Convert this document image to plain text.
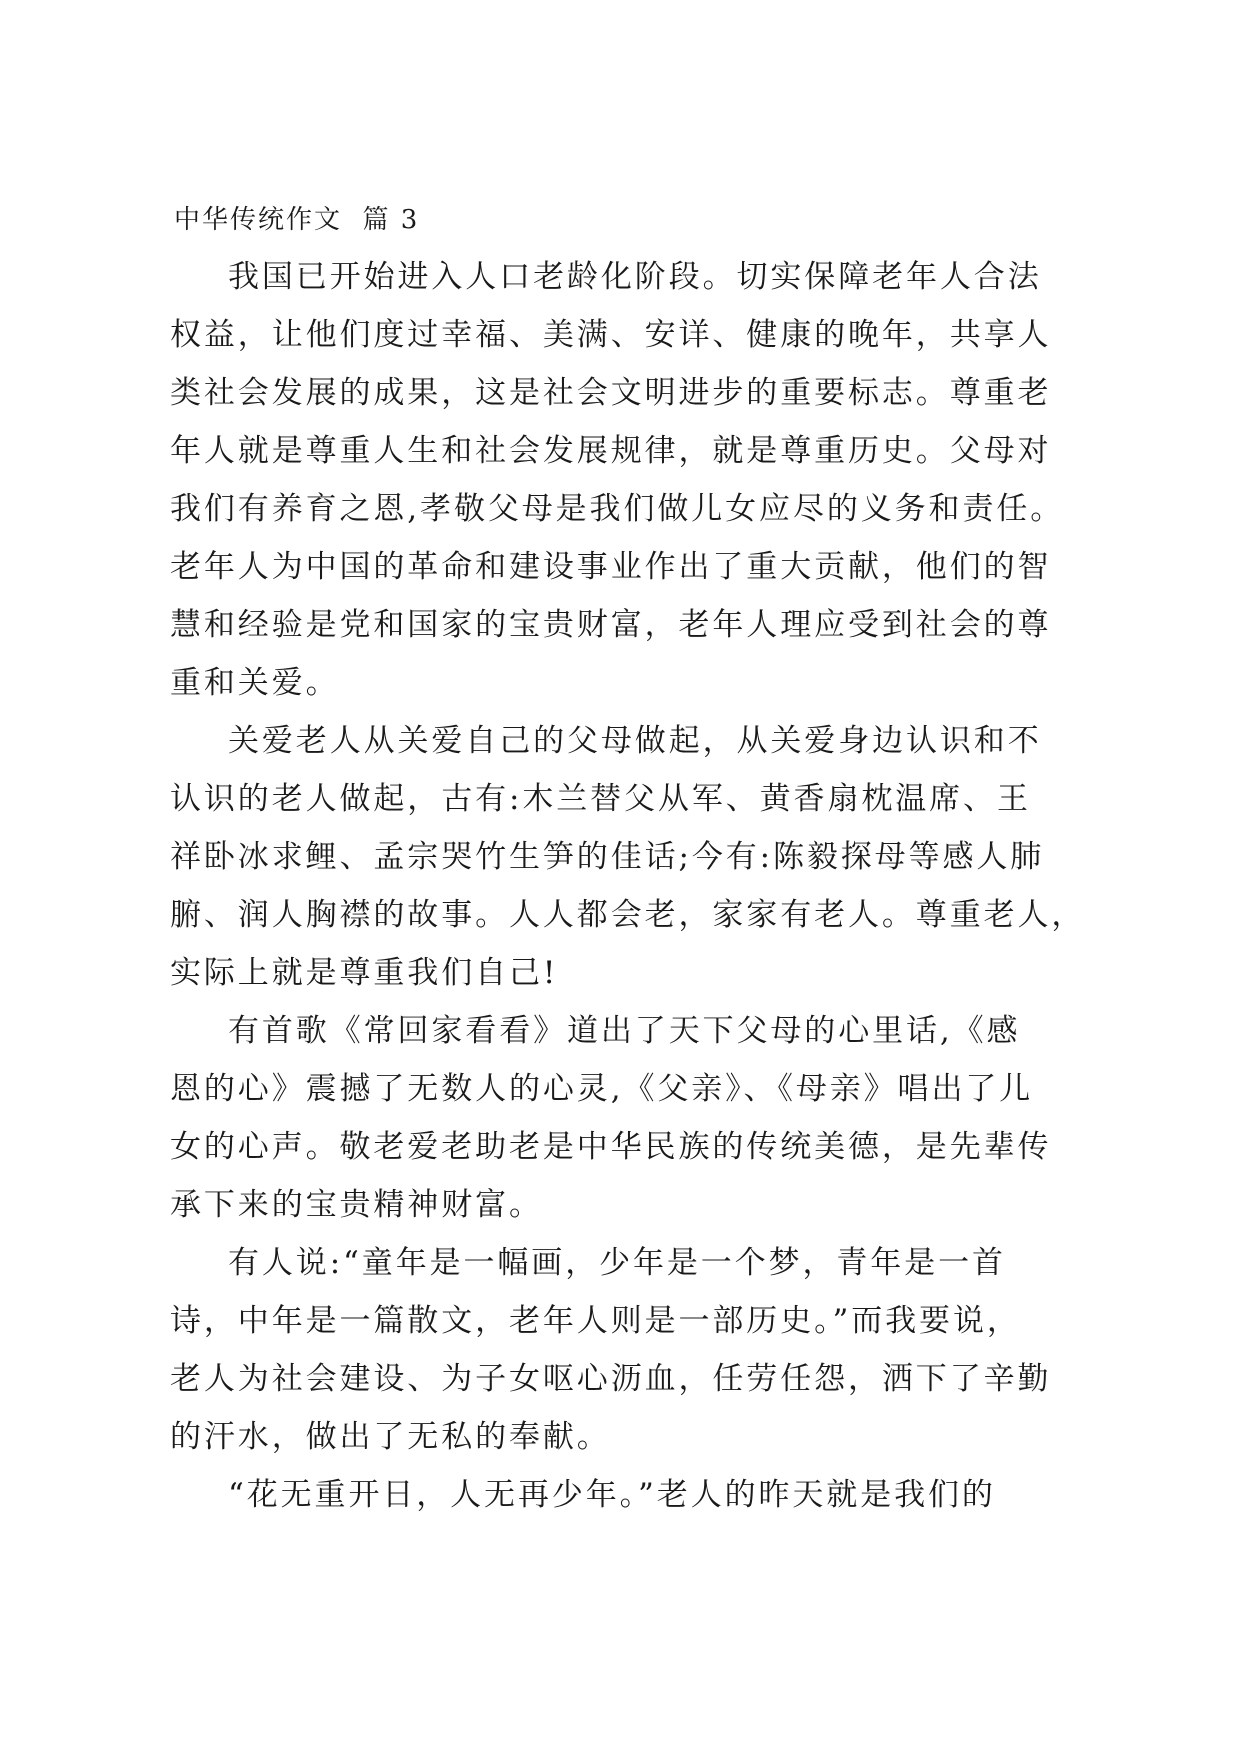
中华传统作文  篇 3
我国已开始进入人口老龄化阶段。切实保障老年人合法
权益，让他们度过幸福、美满、安详、健康的晚年，共享人
类社会发展的成果，这是社会文明进步的重要标志。尊重老
年人就是尊重人生和社会发展规律，就是尊重历史。父母对
我们有养育之恩,孝敬父母是我们做儿女应尽的义务和责任。
老年人为中国的革命和建设事业作出了重大贡献，他们的智
慧和经验是党和国家的宝贵财富，老年人理应受到社会的尊
重和关爱。
关爱老人从关爱自己的父母做起，从关爱身边认识和不
认识的老人做起，古有:木兰替父从军、黄香扇枕温席、王
祥卧冰求鲤、孟宗哭竹生笋的佳话;今有:陈毅探母等感人肺
腑、润人胸襟的故事。人人都会老，家家有老人。尊重老人，
实际上就是尊重我们自己!
有首歌《常回家看看》道出了天下父母的心里话,《感
恩的心》震撼了无数人的心灵,《父亲》、《母亲》唱出了儿
女的心声。敬老爱老助老是中华民族的传统美德，是先辈传
承下来的宝贵精神财富。
有人说:“童年是一幅画，少年是一个梦，青年是一首
诗，中年是一篇散文，老年人则是一部历史。”而我要说，
老人为社会建设、为子女呕心沥血，任劳任怨，洒下了辛勤
的汗水，做出了无私的奉献。
“花无重开日，人无再少年。”老人的昨天就是我们的
